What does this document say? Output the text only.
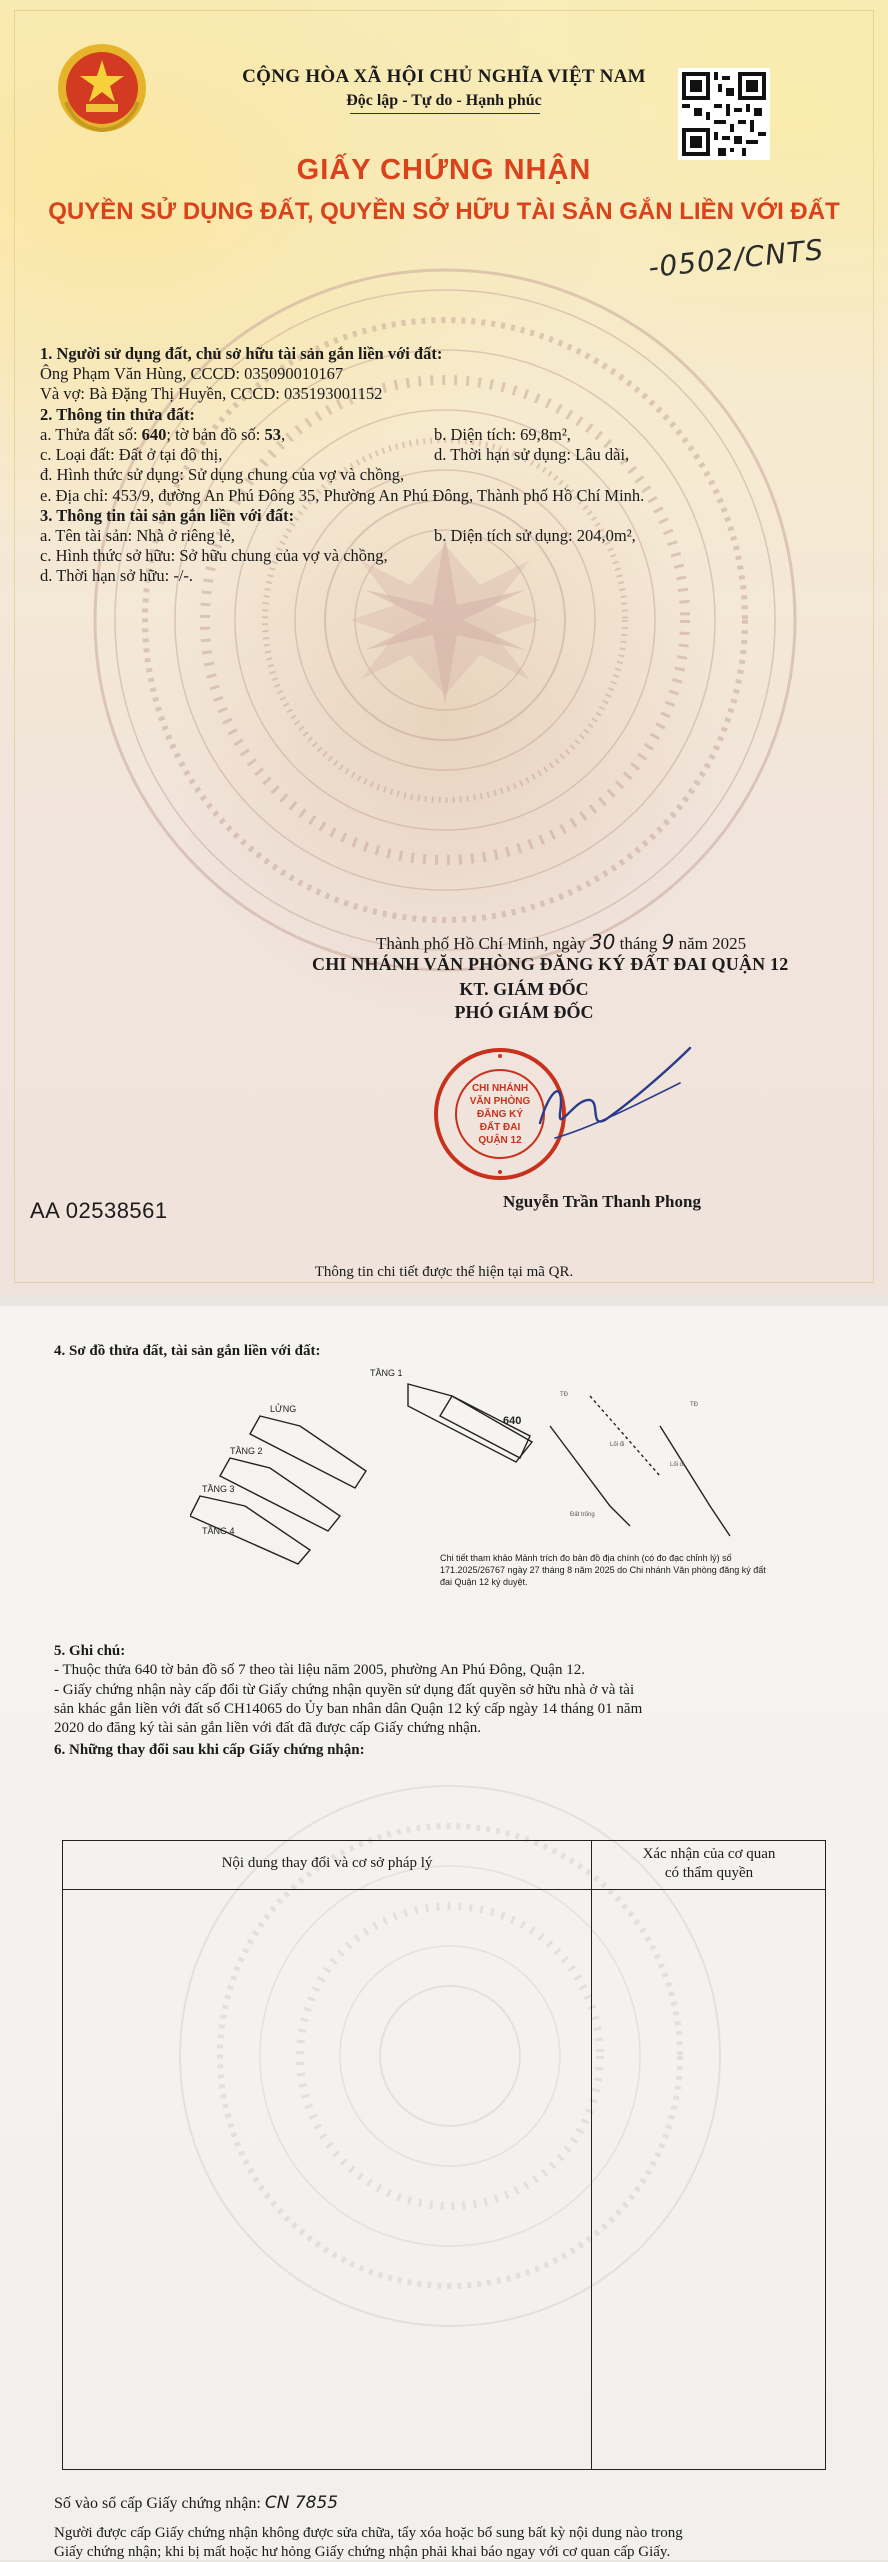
CỘNG HÒA XÃ HỘI CHỦ NGHĨA VIỆT NAM
Độc lập - Tự do - Hạnh phúc
GIẤY CHỨNG NHẬN
QUYỀN SỬ DỤNG ĐẤT, QUYỀN SỞ HỮU TÀI SẢN GẮN LIỀN VỚI ĐẤT
-0502/CNTS
1. Người sử dụng đất, chủ sở hữu tài sản gắn liền với đất:
Ông Phạm Văn Hùng, CCCD: 035090010167
Và vợ: Bà Đặng Thị Huyền, CCCD: 035193001152
2. Thông tin thửa đất:
a. Thửa đất số: 640; tờ bản đồ số: 53,	b. Diện tích: 69,8m²,
c. Loại đất: Đất ở tại đô thị,	d. Thời hạn sử dụng: Lâu dài,
đ. Hình thức sử dụng: Sử dụng chung của vợ và chồng,
e. Địa chỉ: 453/9, đường An Phú Đông 35, Phường An Phú Đông, Thành phố Hồ Chí Minh.
3. Thông tin tài sản gắn liền với đất:
a. Tên tài sản: Nhà ở riêng lẻ,	b. Diện tích sử dụng: 204,0m²,
c. Hình thức sở hữu: Sở hữu chung của vợ và chồng,
d. Thời hạn sở hữu: -/-.
Thành phố Hồ Chí Minh, ngày 30 tháng 9 năm 2025
CHI NHÁNH VĂN PHÒNG ĐĂNG KÝ ĐẤT ĐAI QUẬN 12
KT. GIÁM ĐỐC
PHÓ GIÁM ĐỐC
CHI NHÁNH
VĂN PHÒNG
ĐĂNG KÝ
ĐẤT ĐAI
QUẬN 12
Nguyễn Trần Thanh Phong
AA 02538561
Thông tin chi tiết được thể hiện tại mã QR.
4. Sơ đồ thửa đất, tài sản gắn liền với đất:
TẦNG 1
LỬNG
TẦNG 2
TẦNG 3
TẦNG 4
640
TĐ
Lối đi
Lối đi
TĐ
Đất trống
Chi tiết tham khảo Mảnh trích đo bản đồ địa chính (có đo đạc chỉnh lý) số 171.2025/26767 ngày 27 tháng 8 năm 2025 do Chi nhánh Văn phòng đăng ký đất đai Quận 12 ký duyệt.
5. Ghi chú:
- Thuộc thửa 640 tờ bản đồ số 7 theo tài liệu năm 2005, phường An Phú Đông, Quận 12.
- Giấy chứng nhận này cấp đổi từ Giấy chứng nhận quyền sử dụng đất quyền sở hữu nhà ở và tài
sản khác gắn liền với đất số CH14065 do Ủy ban nhân dân Quận 12 ký cấp ngày 14 tháng 01 năm
2020 do đăng ký tài sản gắn liền với đất đã được cấp Giấy chứng nhận.
6. Những thay đổi sau khi cấp Giấy chứng nhận:
Nội dung thay đổi và cơ sở pháp lý
Xác nhận của cơ quan
có thẩm quyền
Số vào sổ cấp Giấy chứng nhận: CN 7855
Người được cấp Giấy chứng nhận không được sửa chữa, tẩy xóa hoặc bổ sung bất kỳ nội dung nào trong
Giấy chứng nhận; khi bị mất hoặc hư hỏng Giấy chứng nhận phải khai báo ngay với cơ quan cấp Giấy.
